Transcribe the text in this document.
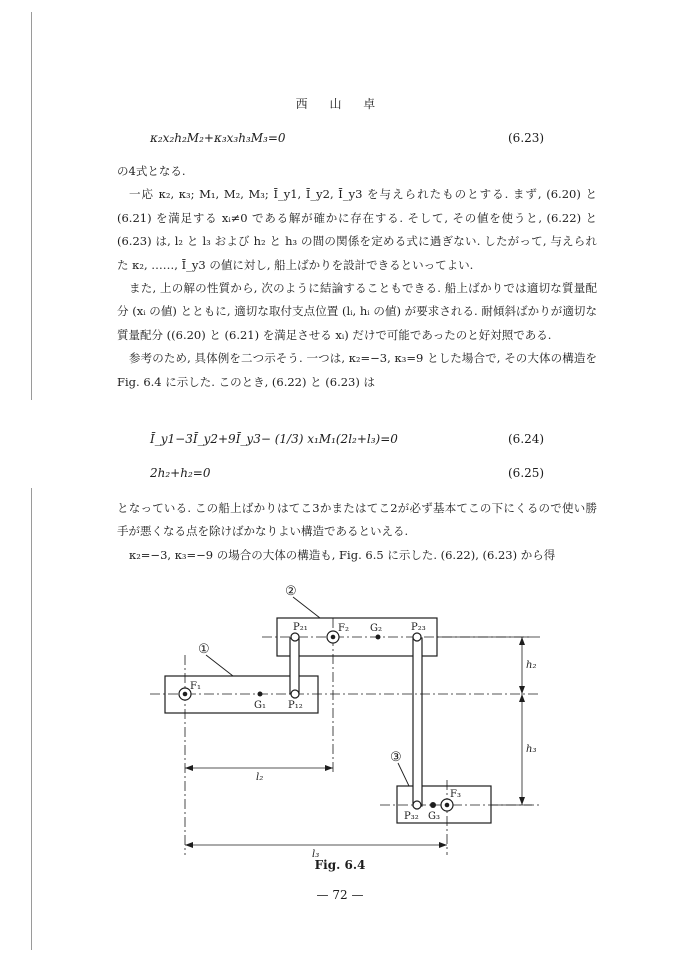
西 山 卓
κ₂x₂h₂M₂+κ₃x₃h₃M₃=0	(6.23)

の4式となる.

一応 κ₂, κ₃; M₁, M₂, M₃; Ī_y1, Ī_y2, Ī_y3 を与えられたものとする. まず, (6.20) と (6.21) を満足する xᵢ≠0 である解が確かに存在する. そして, その値を使うと, (6.22) と (6.23) は, l₂ と l₃ および h₂ と h₃ の間の関係を定める式に過ぎない. したがって, 与えられた κ₂, ……, Ī_y3 の値に対し, 船上ばかりを設計できるといってよい.

また, 上の解の性質から, 次のように結論することもできる. 船上ばかりでは適切な質量配分 (xᵢ の値) とともに, 適切な取付支点位置 (lᵢ, hᵢ の値) が要求される. 耐傾斜ばかりが適切な質量配分 ((6.20) と (6.21) を満足させる xᵢ) だけで可能であったのと好対照である.

参考のため, 具体例を二つ示そう. 一つは, κ₂=−3, κ₃=9 とした場合で, その大体の構造を Fig. 6.4 に示した. このとき, (6.22) と (6.23) は

Ī_y1−3Ī_y2+9Ī_y3− (1/3) x₁M₁(2l₂+l₃)=0	(6.24)
2h₂+h₂=0	(6.25)

となっている. この船上ばかりはてこ3かまたはてこ2が必ず基本てこの下にくるので使い勝手が悪くなる点を除けばかなりよい構造であるといえる.

κ₂=−3, κ₃=−9 の場合の大体の構造も, Fig. 6.5 に示した. (6.22), (6.23) から得

①
②
③
F₁
G₁ P₁₂
P₂₁	F₂ G₂	P₂₃
F₃
P₃₂ G₃
h₂
h₃
l₂
l₃
Fig. 6.4
— 72 —
